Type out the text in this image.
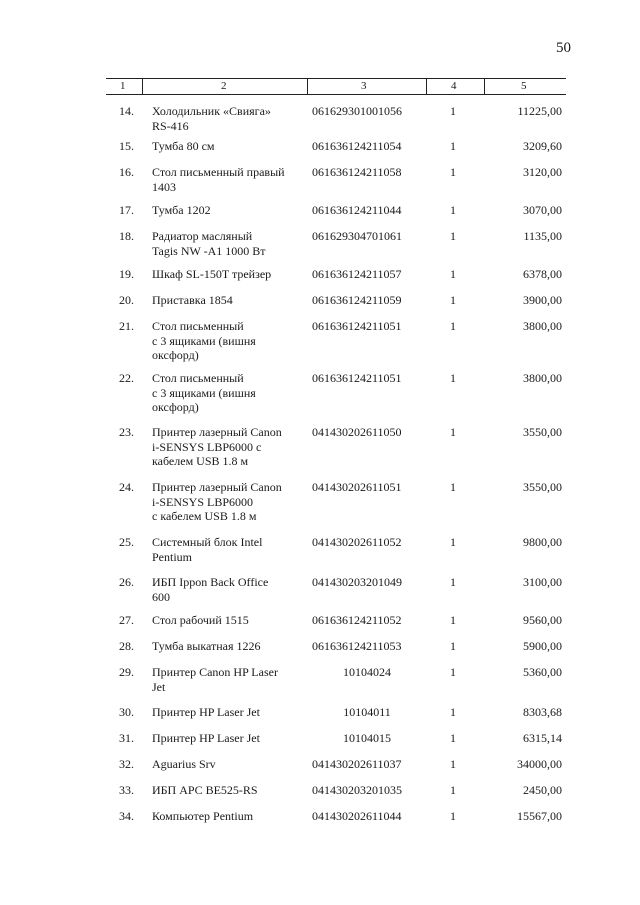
50
1	2	3	4	5
14. Холодильник «Свияга»
RS-416
061629301001056	1	11225,00
15. Тумба 80 см	061636124211054	1	3209,60
16. Стол письменный правый
1403
061636124211058	1	3120,00
17. Тумба 1202	061636124211044	1	3070,00
18. Радиатор масляный
Tagis NW -A1 1000 Вт
061629304701061	1	1135,00
19. Шкаф SL-150T трейзер	061636124211057	1	6378,00
20. Приставка 1854	061636124211059	1	3900,00
21. Стол письменный
с 3 ящиками (вишня
оксфорд)
061636124211051	1	3800,00
22. Стол письменный
с 3 ящиками (вишня
оксфорд)
061636124211051	1	3800,00
23. Принтер лазерный Canon
i-SENSYS LBP6000 с
кабелем USB 1.8 м
041430202611050	1	3550,00
24. Принтер лазерный Canon
i-SENSYS LBP6000
с кабелем USB 1.8 м
041430202611051	1	3550,00
25. Системный блок Intel
Pentium
041430202611052	1	9800,00
26. ИБП Ippon Back Office
600
041430203201049	1	3100,00
27. Стол рабочий 1515	061636124211052	1	9560,00
28. Тумба выкатная 1226	061636124211053	1	5900,00
29. Принтер Canon HP Laser
Jet
10104024	1	5360,00
30. Принтер HP Laser Jet	10104011	1	8303,68
31. Принтер HP Laser Jet	10104015	1	6315,14
32. Aguarius Srv	041430202611037	1	34000,00
33. ИБП APC BE525-RS	041430203201035	1	2450,00
34. Компьютер Pentium	041430202611044	1	15567,00
